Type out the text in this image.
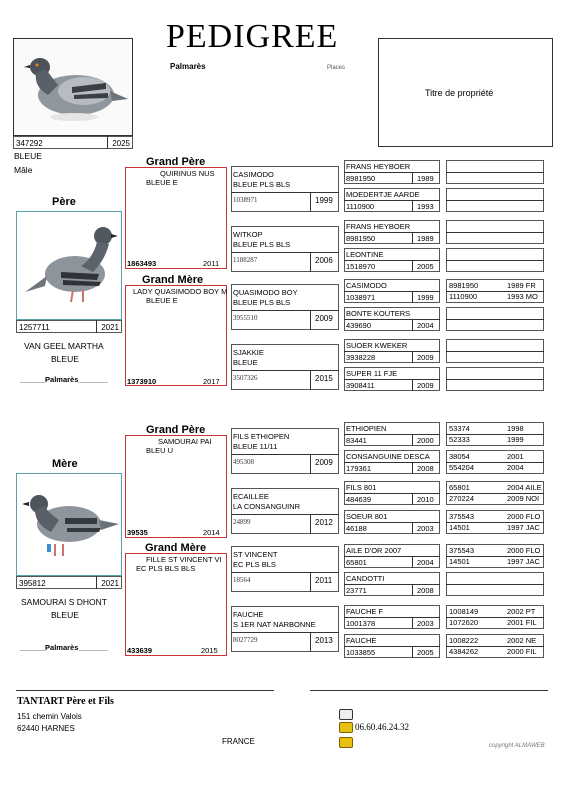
PEDIGREE
Palmarès	Places
Titre de propriété
347292	2025
BLEUE
Mâle
Père
1257711	2021
VAN GEEL MARTHA
BLEUE
______Palmarès_______
Mère
395812	2021
SAMOURAI S DHONT
BLEUE
______Palmarès_______
Grand Père
QUIRINUS NUS
BLEUE E
1863493	2011
Grand Mère
LADY QUASIMODO BOY M
BLEUE E
1373910	2017
Grand Père
SAMOURAI PAI
BLEU U
39535	2014
Grand Mère
FILLE ST VINCENT VI
EC PLS BLS BLS
433639	2015
CASIMODO
BLEUE PLS BLS
1038971	1999
WITKOP
BLEUE PLS BLS
1188287	2006
QUASIMODO BOY
BLEUE PLS BLS
3955510	2009
SJAKKIE
BLEUE
3507326	2015
FILS ETHIOPEN
BLEUE 11/11
495308	2009
ECAILLEE
LA CONSANGUINR
24899	2012
ST VINCENT
EC PLS BLS
18564	2011
FAUCHE
S 1ER NAT NARBONNE
8027729	2013
FRANS HEYBOER
8981950	1989
MOEDERTJE AARDE
1110900	1993
FRANS HEYBOER
8981950	1989
LEONTINE
1518970	2005
CASIMODO
1038971	1999
BONTE KOUTERS
439690	2004
SUOER KWEKER
3938228	2009
SUPER 11 FJE
3908411	2009
ETHIOPIEN
83441	2000
CONSANGUINE DESCA
179361	2008
FILS 801
484639	2010
SOEUR 801
46188	2003
AILE D'OR 2007
65801	2004
CANDOTTI
23771	2008
FAUCHE F
1001378	2003
FAUCHE
1033855	2005
8981950	1989 FR
1110900	1993 MO
53374	1998
52333	1999
38054	2001
554204	2004
65801	2004 AILE
270224	2009 NOI
375543	2000 FLO
14501	1997 JAC
375543	2000 FLO
14501	1997 JAC
1008149	2002 PT
1072620	2001 FIL
1008222	2002 NE
4384262	2000 FIL
TANTART Père et Fils
151 chemin Valois
62440 HARNES
FRANCE
06.60.46.24.32
copyright ALMAWEB
